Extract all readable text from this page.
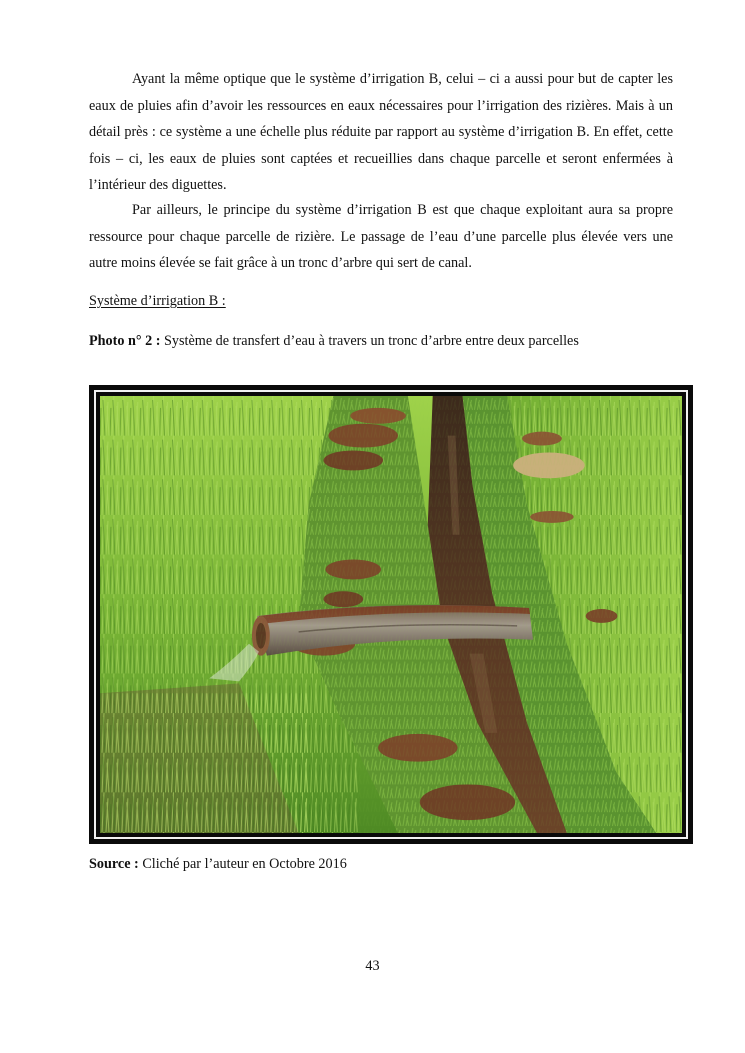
Ayant la même optique que le système d’irrigation B, celui – ci a aussi pour but de capter les eaux de pluies afin d’avoir les ressources en eaux nécessaires pour l’irrigation des rizières. Mais à un détail près : ce système a une échelle plus réduite par rapport au système d’irrigation B. En effet, cette fois – ci, les eaux de pluies sont captées et recueillies dans chaque parcelle et seront enfermées à l’intérieur des diguettes.

Par ailleurs, le principe du système d’irrigation B est que chaque exploitant aura sa propre ressource pour chaque parcelle de rizière. Le passage de l’eau d’une parcelle plus élevée vers une autre moins élevée se fait grâce à un tronc d’arbre qui sert de canal.

Système d’irrigation B :
Photo n° 2 : Système de transfert d’eau à travers un tronc d’arbre entre deux parcelles
Source : Cliché par l’auteur en Octobre 2016
43
